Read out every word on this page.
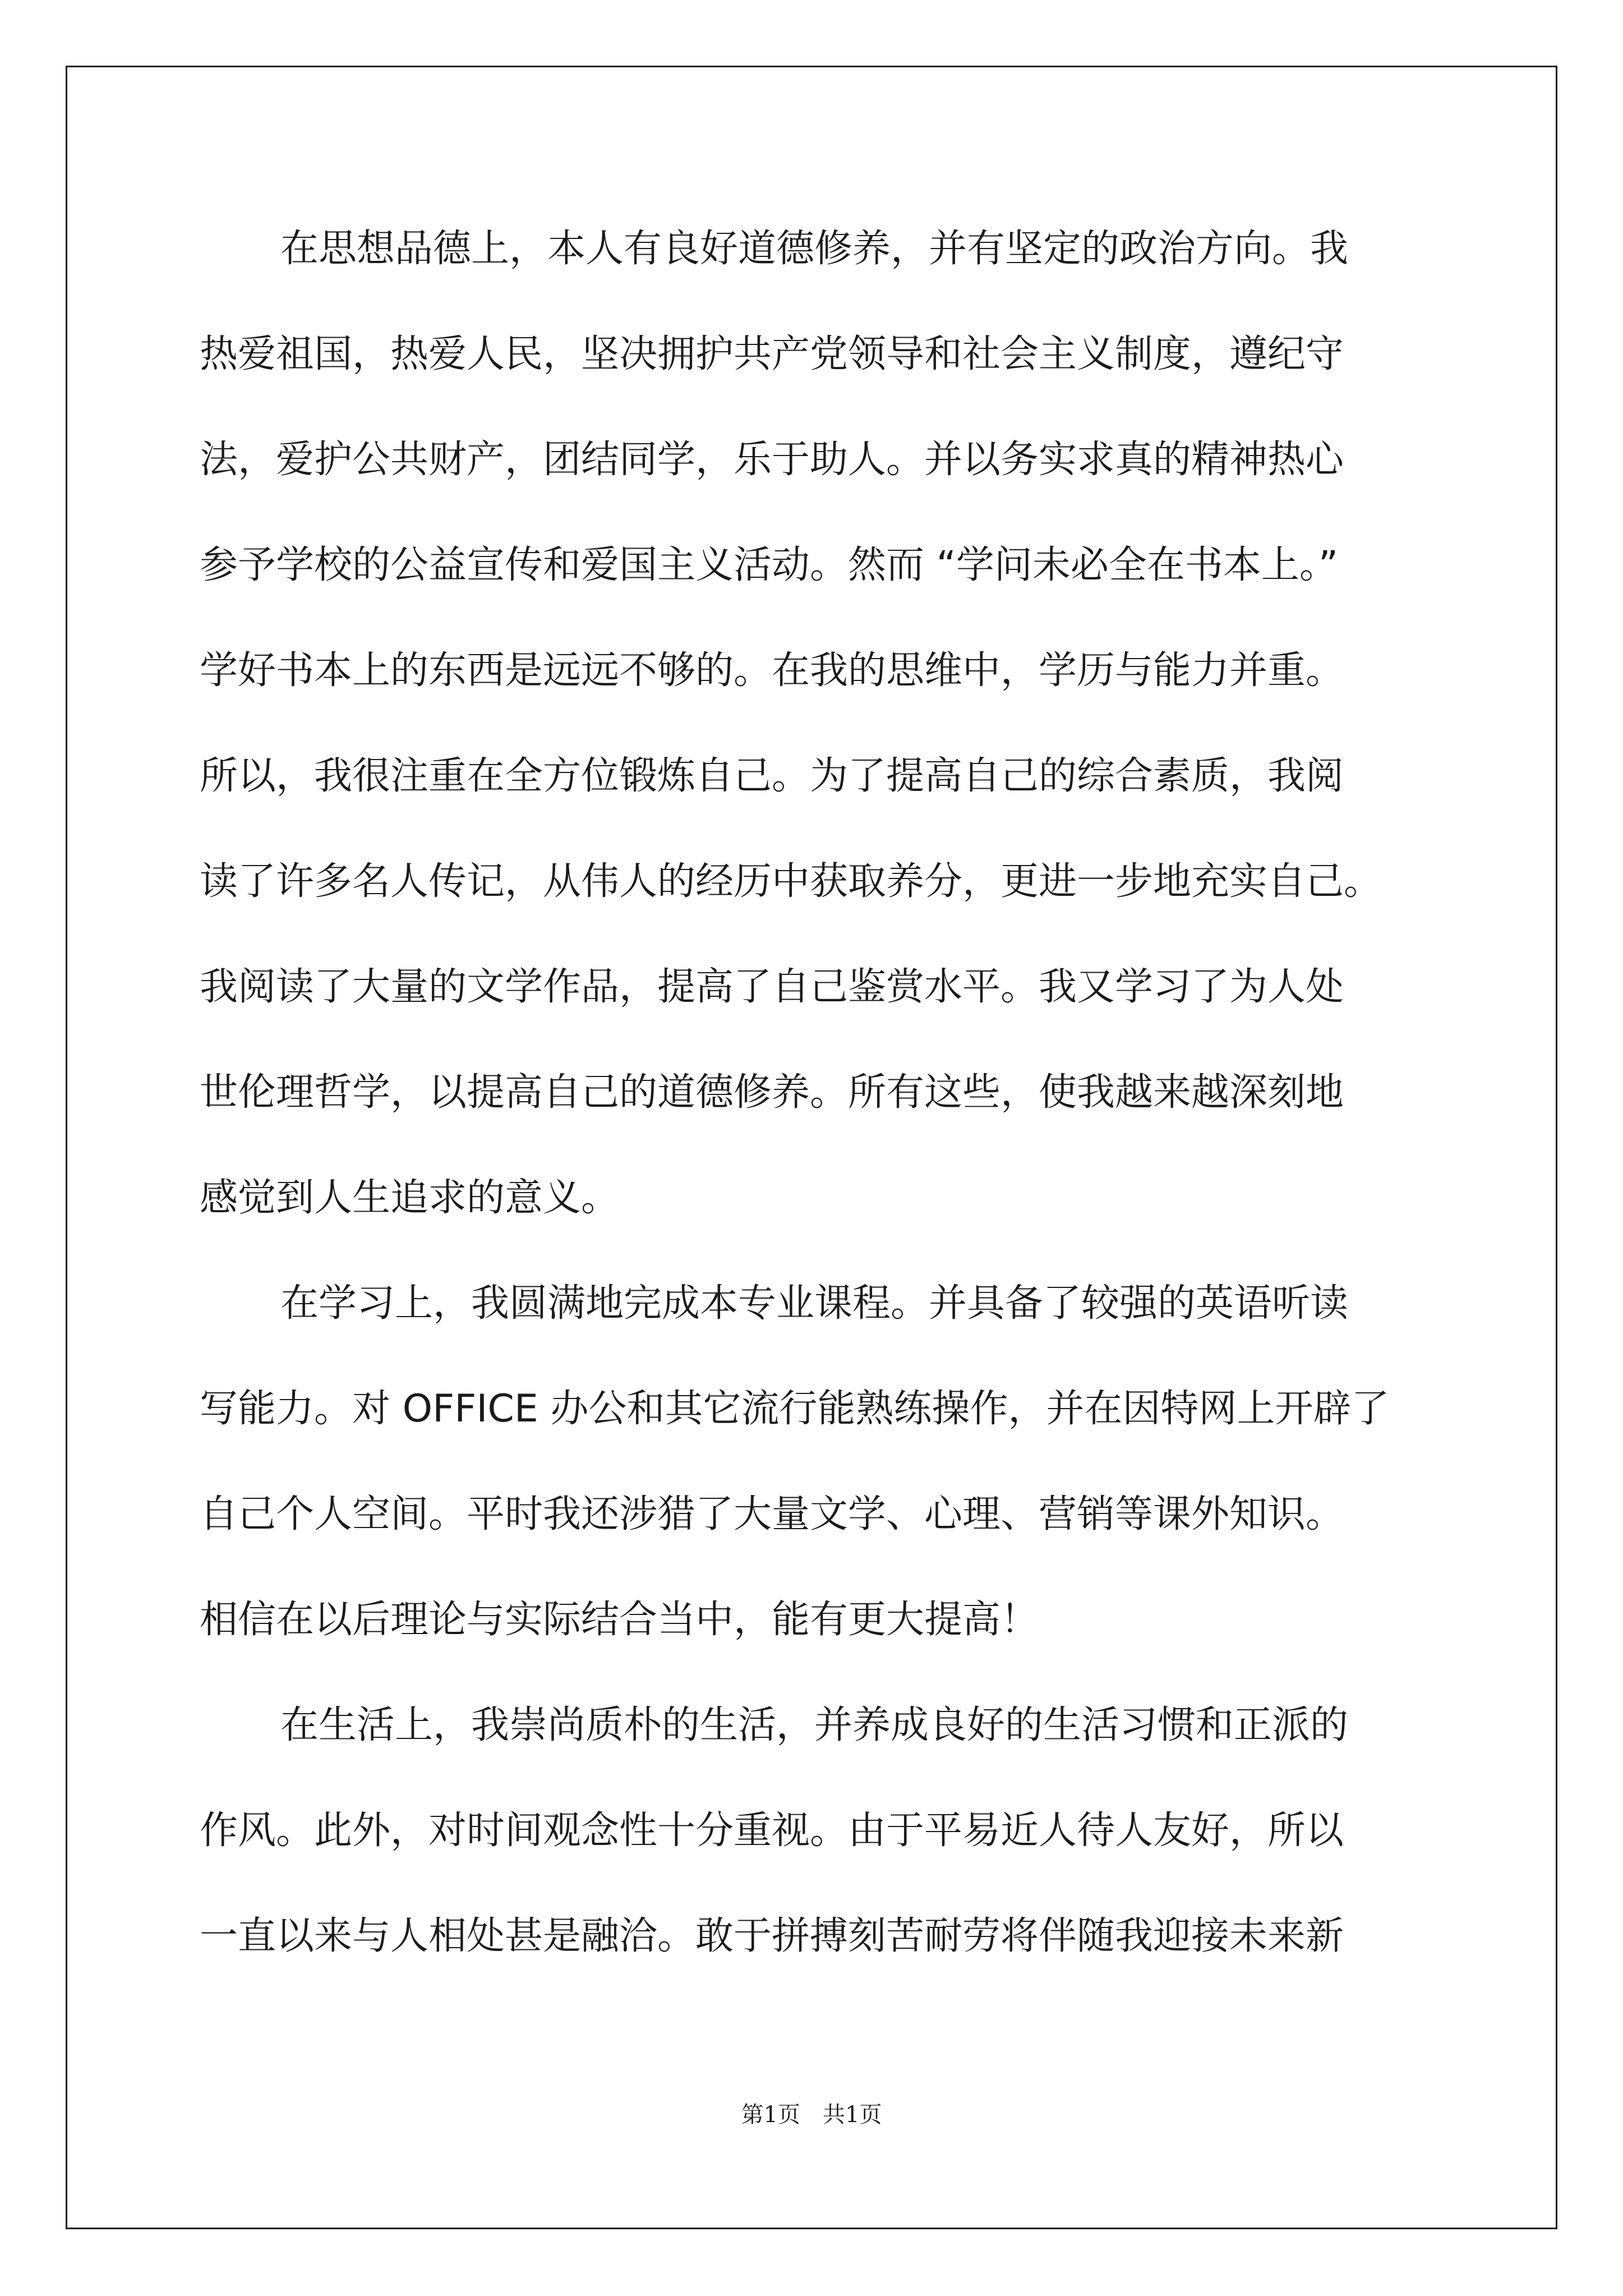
在思想品德上，本人有良好道德修养，并有坚定的政治方向。我
热爱祖国，热爱人民，坚决拥护共产党领导和社会主义制度，遵纪守
法，爱护公共财产，团结同学，乐于助人。并以务实求真的精神热心
参予学校的公益宣传和爱国主义活动。然而 “学问未必全在书本上。”
学好书本上的东西是远远不够的。在我的思维中，学历与能力并重。
所以，我很注重在全方位锻炼自己。为了提高自己的综合素质，我阅
读了许多名人传记，从伟人的经历中获取养分，更进一步地充实自己。
我阅读了大量的文学作品，提高了自己鉴赏水平。我又学习了为人处
世伦理哲学，以提高自己的道德修养。所有这些，使我越来越深刻地
感觉到人生追求的意义。
在学习上，我圆满地完成本专业课程。并具备了较强的英语听读
写能力。对 OFFICE 办公和其它流行能熟练操作，并在因特网上开辟了
自己个人空间。平时我还涉猎了大量文学、心理、营销等课外知识。
相信在以后理论与实际结合当中，能有更大提高！
在生活上，我崇尚质朴的生活，并养成良好的生活习惯和正派的
作风。此外，对时间观念性十分重视。由于平易近人待人友好，所以
一直以来与人相处甚是融洽。敢于拼搏刻苦耐劳将伴随我迎接未来新
第1页　共1页
